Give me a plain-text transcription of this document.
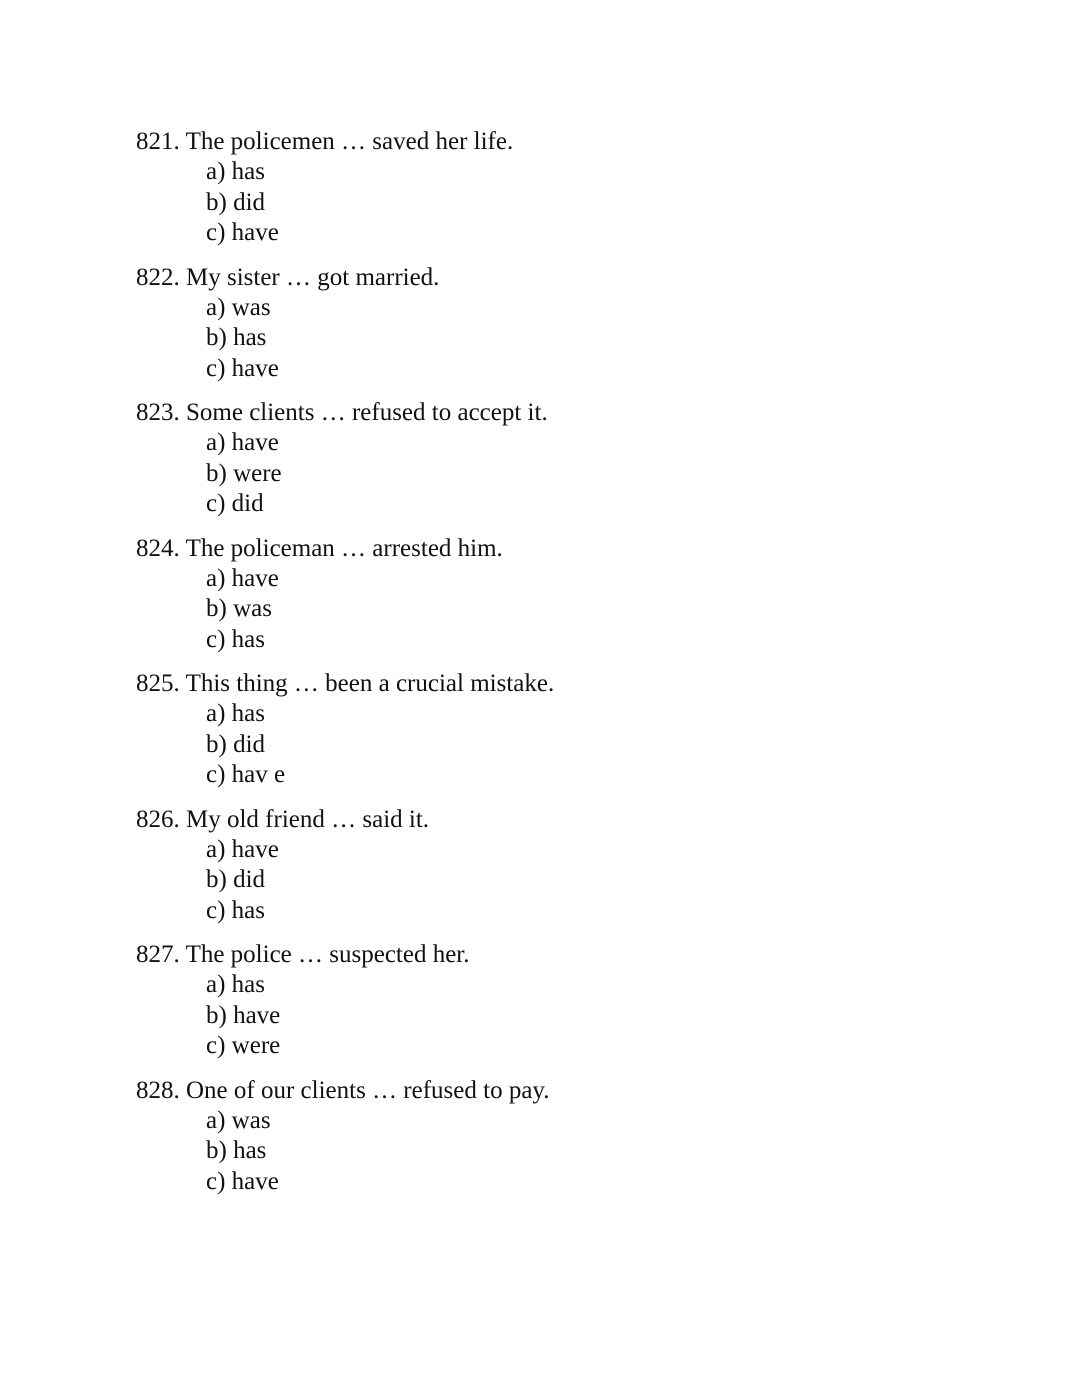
821. The policemen … saved her life.
a) has
b) did
c) have
822. My sister … got married.
a) was
b) has
c) have
823. Some clients … refused to accept it.
a) have
b) were
c) did
824. The policeman … arrested him.
a) have
b) was
c) has
825. This thing … been a crucial mistake.
a) has
b) did
c) hav e
826. My old friend … said it.
a) have
b) did
c) has
827. The police … suspected her.
a) has
b) have
c) were
828. One of our clients … refused to pay.
a) was
b) has
c) have
